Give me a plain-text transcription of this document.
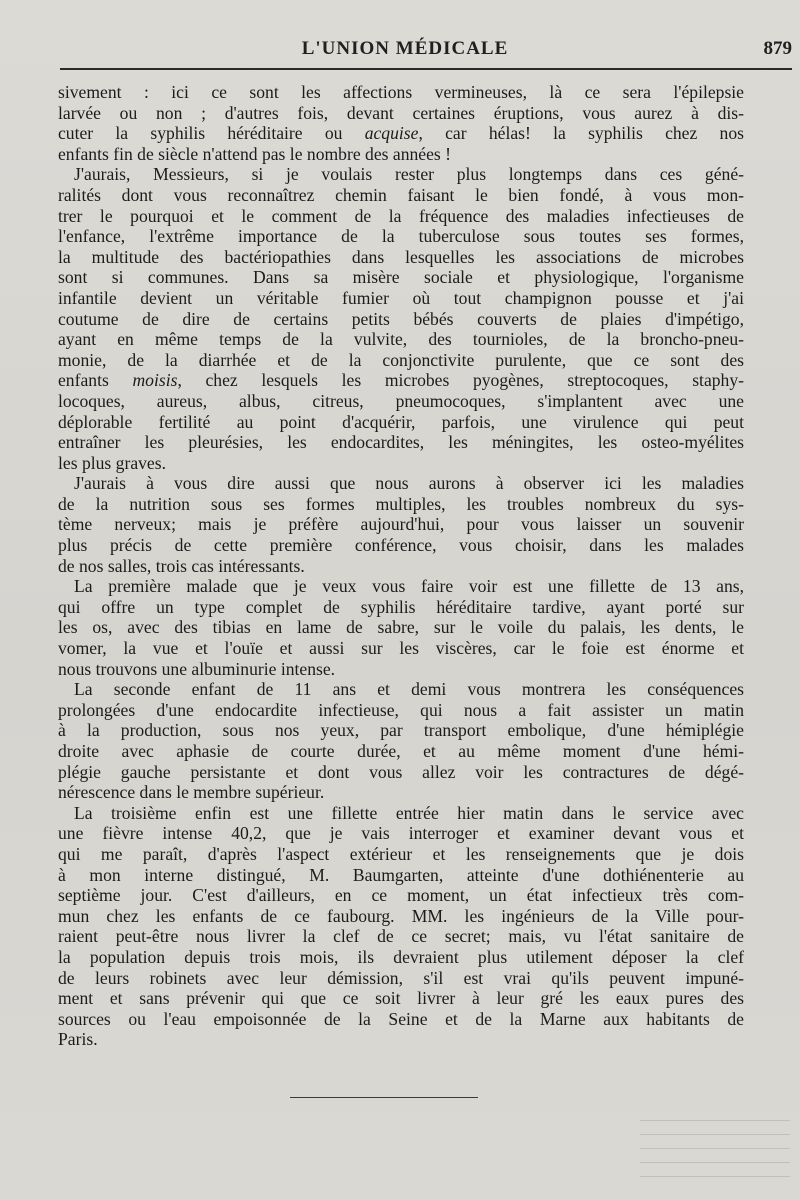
L'UNION MÉDICALE	879
sivement : ici ce sont les affections vermineuses, là ce sera l'épilepsie
larvée ou non ; d'autres fois, devant certaines éruptions, vous aurez à dis-
cuter la syphilis héréditaire ou acquise, car hélas! la syphilis chez nos
enfants fin de siècle n'attend pas le nombre des années !
J'aurais, Messieurs, si je voulais rester plus longtemps dans ces géné-
ralités dont vous reconnaîtrez chemin faisant le bien fondé, à vous mon-
trer le pourquoi et le comment de la fréquence des maladies infectieuses de
l'enfance, l'extrême importance de la tuberculose sous toutes ses formes,
la multitude des bactériopathies dans lesquelles les associations de microbes
sont si communes. Dans sa misère sociale et physiologique, l'organisme
infantile devient un véritable fumier où tout champignon pousse et j'ai
coutume de dire de certains petits bébés couverts de plaies d'impétigo,
ayant en même temps de la vulvite, des tournioles, de la broncho-pneu-
monie, de la diarrhée et de la conjonctivite purulente, que ce sont des
enfants moisis, chez lesquels les microbes pyogènes, streptocoques, staphy-
locoques, aureus, albus, citreus, pneumocoques, s'implantent avec une
déplorable fertilité au point d'acquérir, parfois, une virulence qui peut
entraîner les pleurésies, les endocardites, les méningites, les osteo-myélites
les plus graves.
J'aurais à vous dire aussi que nous aurons à observer ici les maladies
de la nutrition sous ses formes multiples, les troubles nombreux du sys-
tème nerveux; mais je préfère aujourd'hui, pour vous laisser un souvenir
plus précis de cette première conférence, vous choisir, dans les malades
de nos salles, trois cas intéressants.
La première malade que je veux vous faire voir est une fillette de 13 ans,
qui offre un type complet de syphilis héréditaire tardive, ayant porté sur
les os, avec des tibias en lame de sabre, sur le voile du palais, les dents, le
vomer, la vue et l'ouïe et aussi sur les viscères, car le foie est énorme et
nous trouvons une albuminurie intense.
La seconde enfant de 11 ans et demi vous montrera les conséquences
prolongées d'une endocardite infectieuse, qui nous a fait assister un matin
à la production, sous nos yeux, par transport embolique, d'une hémiplégie
droite avec aphasie de courte durée, et au même moment d'une hémi-
plégie gauche persistante et dont vous allez voir les contractures de dégé-
nérescence dans le membre supérieur.
La troisième enfin est une fillette entrée hier matin dans le service avec
une fièvre intense 40,2, que je vais interroger et examiner devant vous et
qui me paraît, d'après l'aspect extérieur et les renseignements que je dois
à mon interne distingué, M. Baumgarten, atteinte d'une dothiénenterie au
septième jour. C'est d'ailleurs, en ce moment, un état infectieux très com-
mun chez les enfants de ce faubourg. MM. les ingénieurs de la Ville pour-
raient peut-être nous livrer la clef de ce secret; mais, vu l'état sanitaire de
la population depuis trois mois, ils devraient plus utilement déposer la clef
de leurs robinets avec leur démission, s'il est vrai qu'ils peuvent impuné-
ment et sans prévenir qui que ce soit livrer à leur gré les eaux pures des
sources ou l'eau empoisonnée de la Seine et de la Marne aux habitants de
Paris.
